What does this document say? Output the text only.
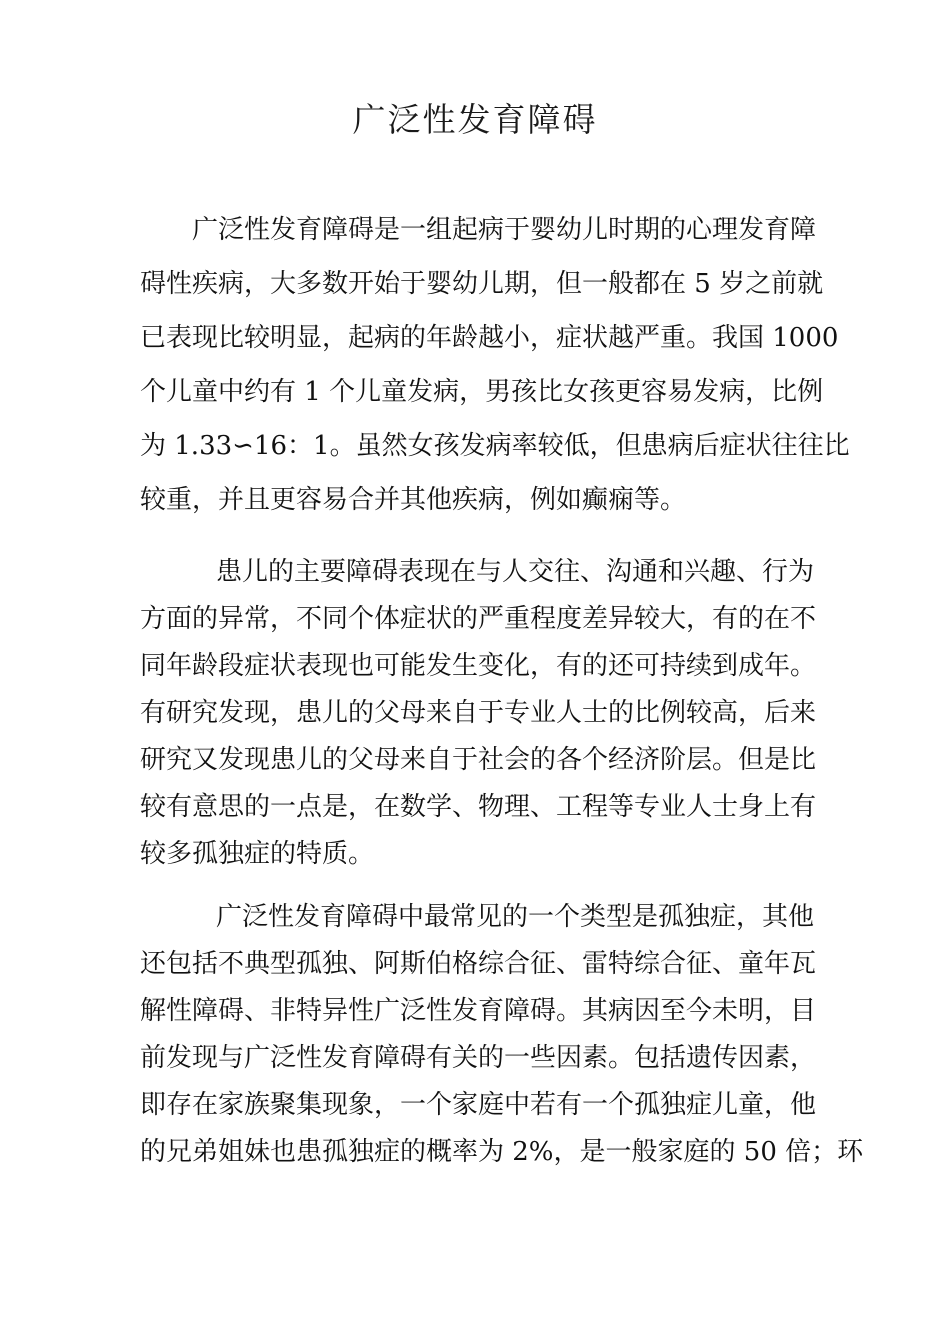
广泛性发育障碍
广泛性发育障碍是一组起病于婴幼儿时期的心理发育障
碍性疾病，大多数开始于婴幼儿期，但一般都在 5 岁之前就
已表现比较明显，起病的年龄越小，症状越严重。我国 1000
个儿童中约有 1 个儿童发病，男孩比女孩更容易发病，比例
为 1.33∽16：1。虽然女孩发病率较低，但患病后症状往往比
较重，并且更容易合并其他疾病，例如癫痫等。
患儿的主要障碍表现在与人交往、沟通和兴趣、行为
方面的异常，不同个体症状的严重程度差异较大，有的在不
同年龄段症状表现也可能发生变化，有的还可持续到成年。
有研究发现，患儿的父母来自于专业人士的比例较高，后来
研究又发现患儿的父母来自于社会的各个经济阶层。但是比
较有意思的一点是，在数学、物理、工程等专业人士身上有
较多孤独症的特质。
广泛性发育障碍中最常见的一个类型是孤独症，其他
还包括不典型孤独、阿斯伯格综合征、雷特综合征、童年瓦
解性障碍、非特异性广泛性发育障碍。其病因至今未明，目
前发现与广泛性发育障碍有关的一些因素。包括遗传因素，
即存在家族聚集现象，一个家庭中若有一个孤独症儿童，他
的兄弟姐妹也患孤独症的概率为 2%，是一般家庭的 50 倍；环
